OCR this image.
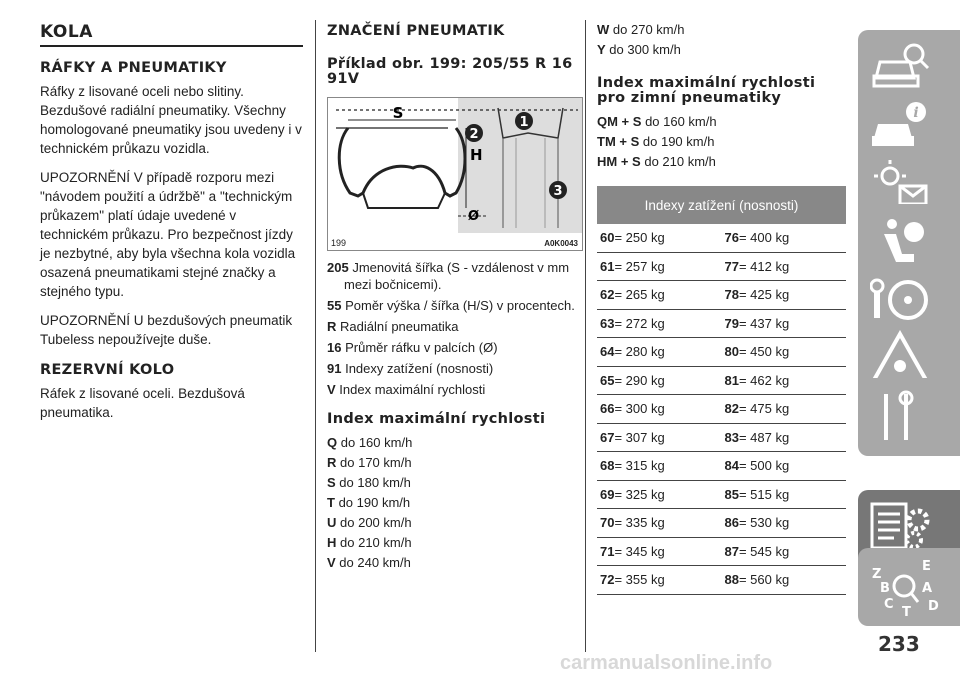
KOLA
RÁFKY A PNEUMATIKY

Ráfky z lisované oceli nebo slitiny. Bezdušové radiální pneumatiky. Všechny homologované pneumatiky jsou uvedeny i v technickém průkazu vozidla.

UPOZORNĚNÍ V případě rozporu mezi "návodem použití a údržbě" a "technickým průkazem" platí údaje uvedené v technickém průkazu. Pro bezpečnost jízdy je nezbytné, aby byla všechna kola vozidla osazená pneumatikami stejné značky a stejného typu.

UPOZORNĚNÍ U bezdušových pneumatik Tubeless nepoužívejte duše.

REZERVNÍ KOLO

Ráfek z lisované oceli. Bezdušová pneumatika.

ZNAČENÍ PNEUMATIK
Příklad obr. 199: 205/55 R 16 91V
S
H
Ø
1
2
3
199	A0K0043
205 Jmenovitá šířka (S - vzdálenost v mm mezi bočnicemi).
55 Poměr výška / šířka (H/S) v procentech.
R Radiální pneumatika
16 Průměr ráfku v palcích (Ø)
91 Indexy zatížení (nosnosti)
V Index maximální rychlosti
Index maximální rychlosti
Q do 160 km/h
R do 170 km/h
S do 180 km/h
T do 190 km/h
U do 200 km/h
H do 210 km/h
V do 240 km/h
W do 270 km/h
Y do 300 km/h
Index maximální rychlosti pro zimní pneumatiky
QM + S do 160 km/h
TM + S do 190 km/h
HM + S do 210 km/h
Indexy zatížení (nosnosti)	
60= 250 kg	76= 400 kg
61= 257 kg	77= 412 kg
62= 265 kg	78= 425 kg
63= 272 kg	79= 437 kg
64= 280 kg	80= 450 kg
65= 290 kg	81= 462 kg
66= 300 kg	82= 475 kg
67= 307 kg	83= 487 kg
68= 315 kg	84= 500 kg
69= 325 kg	85= 515 kg
70= 335 kg	86= 530 kg
71= 345 kg	87= 545 kg
72= 355 kg	88= 560 kg
i
Z
E
A
B
C
T D
233
carmanualsonline.info
